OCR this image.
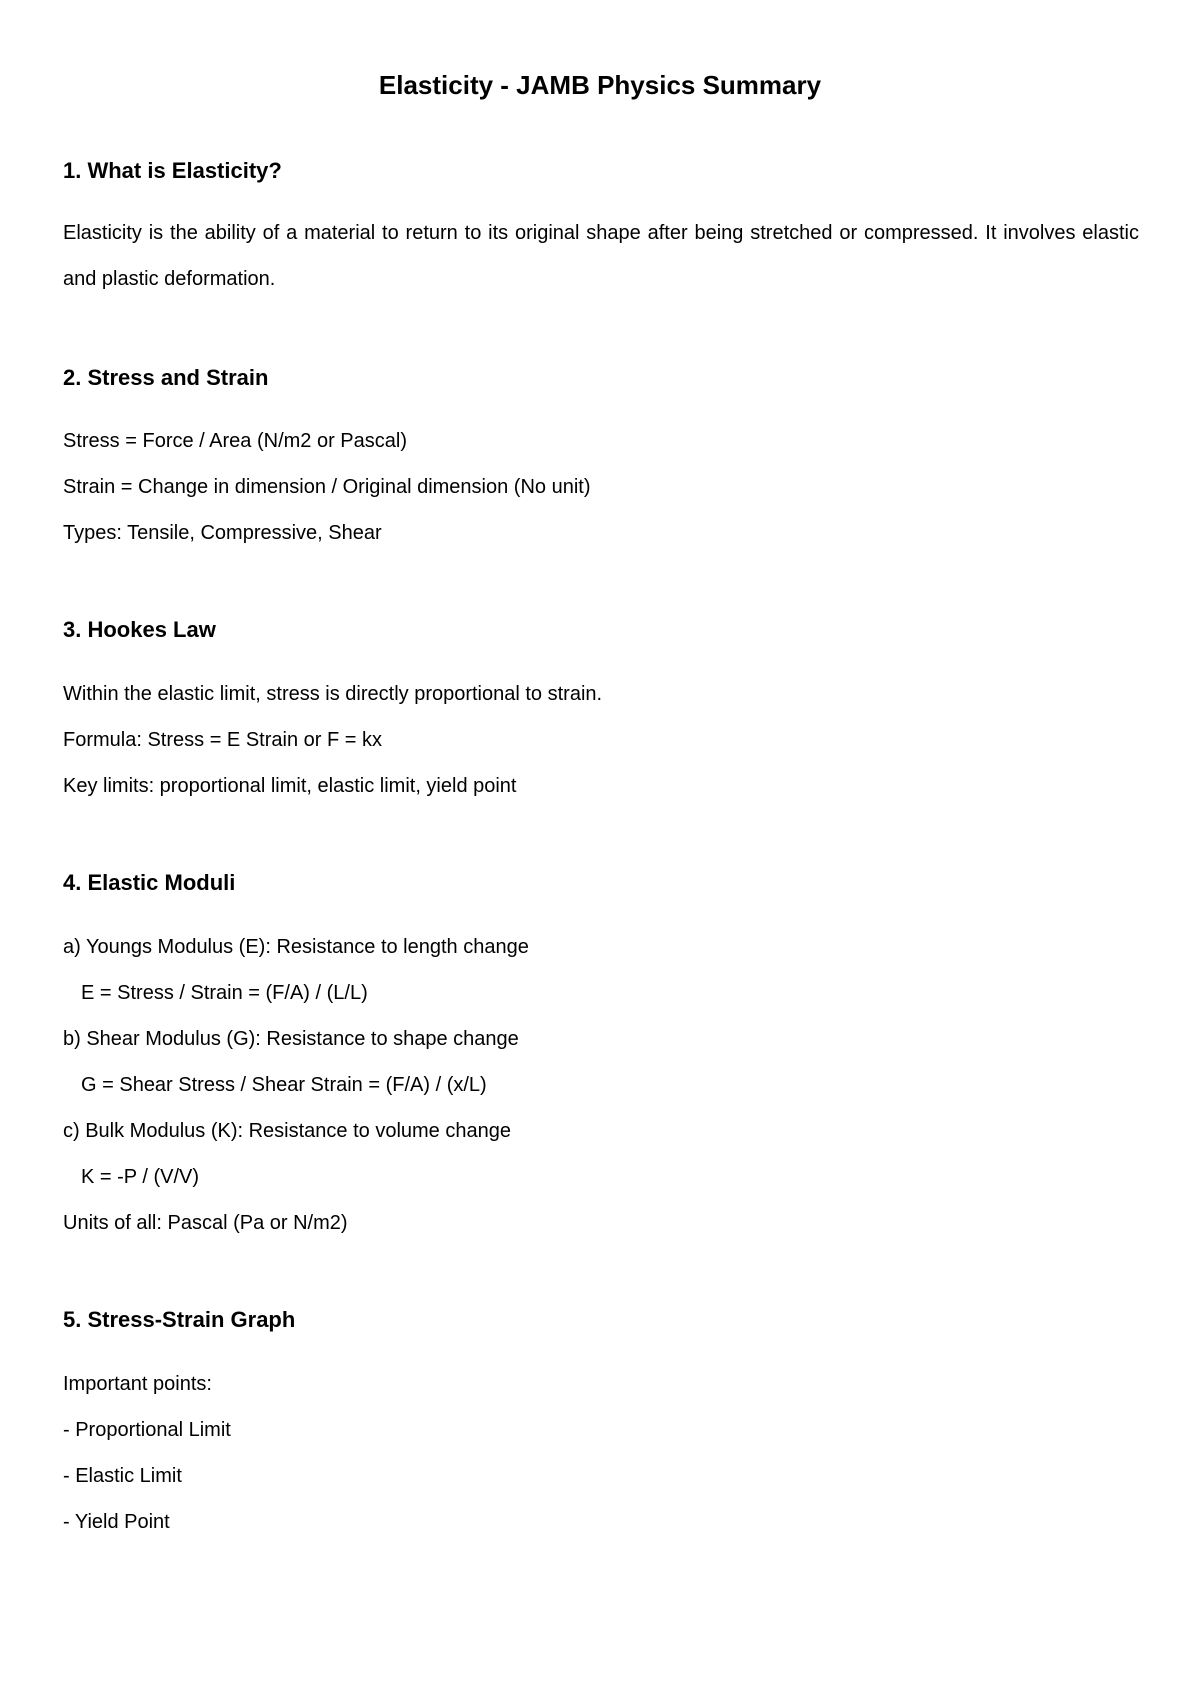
Elasticity - JAMB Physics Summary
1. What is Elasticity?

Elasticity is the ability of a material to return to its original shape after being stretched or compressed. It involves elastic and plastic deformation.

2. Stress and Strain

Stress = Force / Area (N/m2 or Pascal)

Strain = Change in dimension / Original dimension (No unit)

Types: Tensile, Compressive, Shear

3. Hookes Law

Within the elastic limit, stress is directly proportional to strain.

Formula: Stress = E Strain or F = kx

Key limits: proportional limit, elastic limit, yield point

4. Elastic Moduli

a) Youngs Modulus (E): Resistance to length change

E = Stress / Strain = (F/A) / (L/L)

b) Shear Modulus (G): Resistance to shape change

G = Shear Stress / Shear Strain = (F/A) / (x/L)

c) Bulk Modulus (K): Resistance to volume change

K = -P / (V/V)

Units of all: Pascal (Pa or N/m2)

5. Stress-Strain Graph

Important points:

- Proportional Limit

- Elastic Limit

- Yield Point
